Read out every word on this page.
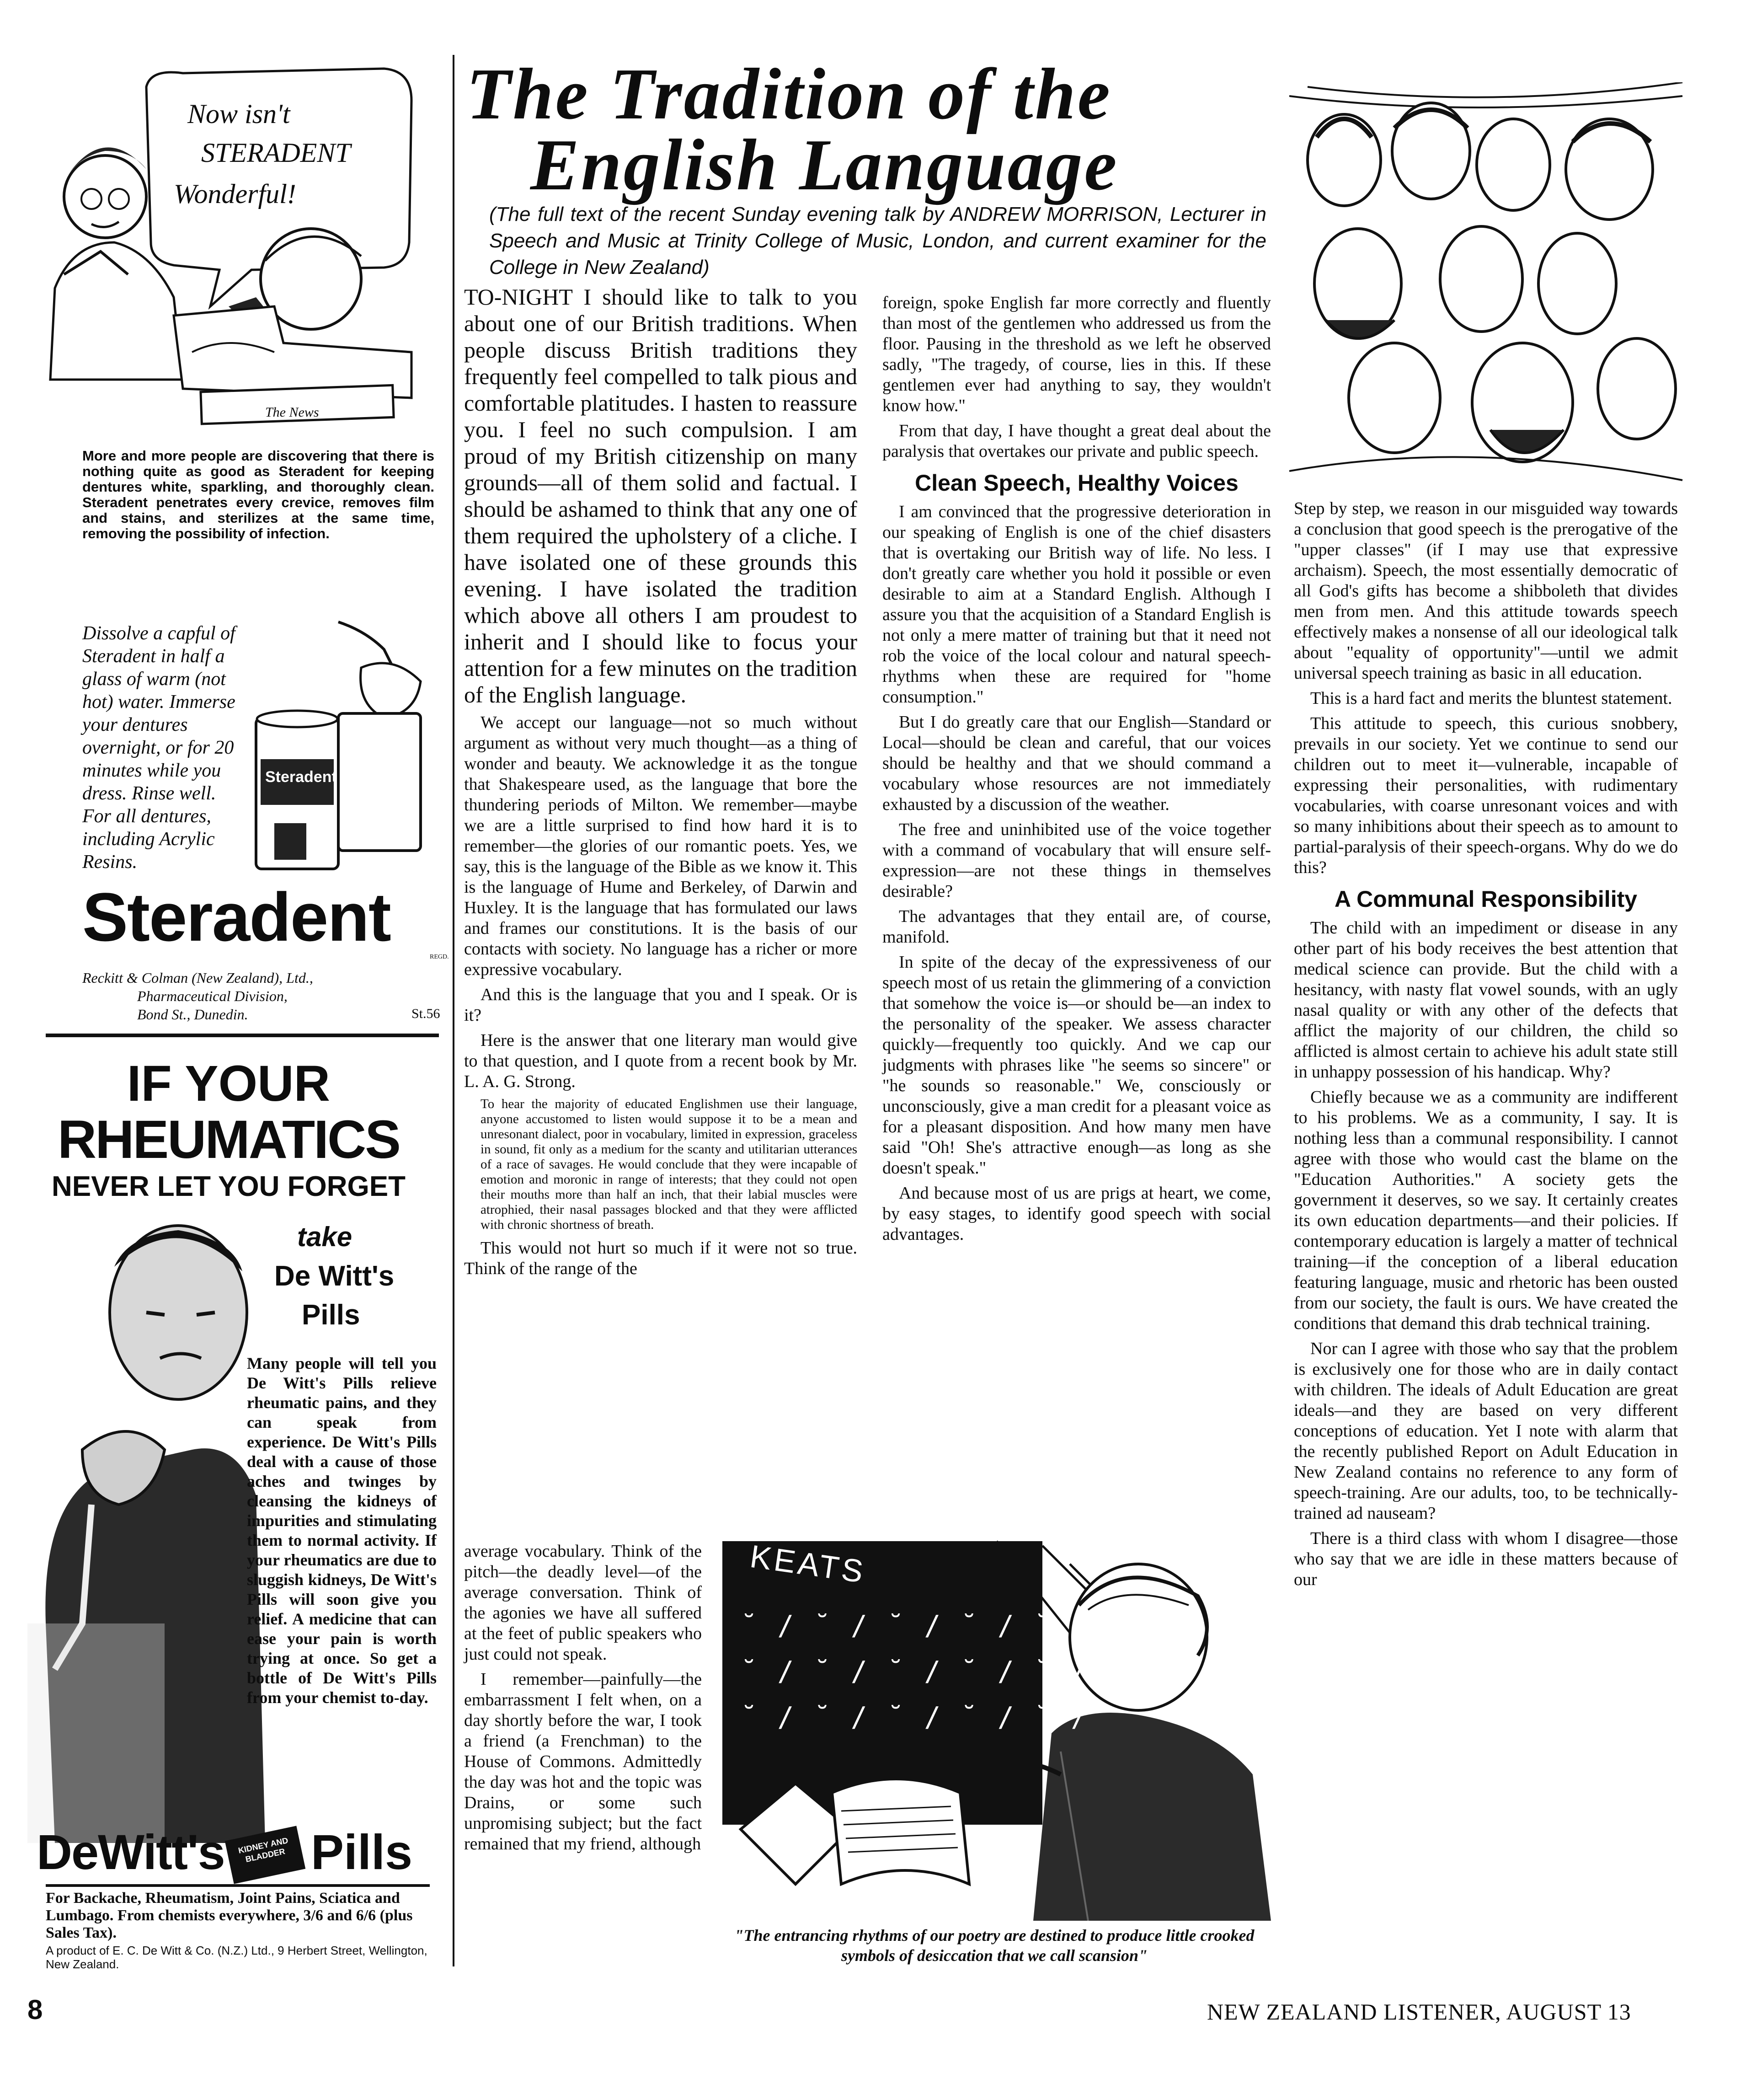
Now isn't
STERADENT
Wonderful!
The News
More and more people are discovering that there is nothing quite as good as Steradent for keeping dentures white, sparkling, and thoroughly clean. Steradent penetrates every crevice, removes film and stains, and sterilizes at the same time, removing the possibility of infection.
Dissolve a capful of Steradent in half a glass of warm (not hot) water. Immerse your dentures overnight, or for 20 minutes while you dress. Rinse well. For all dentures, including Acrylic Resins.
Steradent
Steradent
REGD.
Reckitt & Colman (New Zealand), Ltd.,
Pharmaceutical Division,
Bond St., Dunedin.	St.56
IF YOUR
RHEUMATICS
NEVER LET YOU FORGET
take
De Witt's
Pills
Many people will tell you De Witt's Pills relieve rheumatic pains, and they can speak from experience. De Witt's Pills deal with a cause of those aches and twinges by cleansing the kidneys of impurities and stimulating them to normal activity. If your rheumatics are due to sluggish kidneys, De Witt's Pills will soon give you relief. A medicine that can ease your pain is worth trying at once. So get a bottle of De Witt's Pills from your chemist to-day.
DeWitt's	KIDNEY AND BLADDER Pills
For Backache, Rheumatism, Joint Pains, Sciatica and Lumbago. From chemists everywhere, 3/6 and 6/6 (plus Sales Tax).
A product of E. C. De Witt & Co. (N.Z.) Ltd., 9 Herbert Street, Wellington, New Zealand.
The Tradition of the
English Language
(The full text of the recent Sunday evening talk by ANDREW MORRISON, Lecturer in Speech and Music at Trinity College of Music, London, and current examiner for the College in New Zealand)

TO-NIGHT I should like to talk to you about one of our British traditions. When people discuss British traditions they frequently feel compelled to talk pious and comfortable platitudes. I hasten to reassure you. I feel no such compulsion. I am proud of my British citizenship on many grounds—all of them solid and factual. I should be ashamed to think that any one of them required the upholstery of a cliche. I have isolated one of these grounds this evening. I have isolated the tradition which above all others I am proudest to inherit and I should like to focus your attention for a few minutes on the tradition of the English language.

We accept our language—not so much without argument as without very much thought—as a thing of wonder and beauty. We acknowledge it as the tongue that Shakespeare used, as the language that bore the thundering periods of Milton. We remember—maybe we are a little surprised to find how hard it is to remember—the glories of our romantic poets. Yes, we say, this is the language of the Bible as we know it. This is the language of Hume and Berkeley, of Darwin and Huxley. It is the language that has formulated our laws and frames our constitutions. It is the basis of our contacts with society. No language has a richer or more expressive vocabulary.

And this is the language that you and I speak. Or is it?

Here is the answer that one literary man would give to that question, and I quote from a recent book by Mr. L. A. G. Strong.

To hear the majority of educated Englishmen use their language, anyone accustomed to listen would suppose it to be a mean and unresonant dialect, poor in vocabulary, limited in expression, graceless in sound, fit only as a medium for the scanty and utilitarian utterances of a race of savages. He would conclude that they were incapable of emotion and moronic in range of interests; that they could not open their mouths more than half an inch, that their labial muscles were atrophied, their nasal passages blocked and that they were afflicted with chronic shortness of breath.

This would not hurt so much if it were not so true. Think of the range of the

average vocabulary. Think of the pitch—the deadly level—of the average conversation. Think of the agonies we have all suffered at the feet of public speakers who just could not speak.

I remember—painfully—the embarrassment I felt when, on a day shortly before the war, I took a friend (a Frenchman) to the House of Commons. Admittedly the day was hot and the topic was Drains, or some such unpromising subject; but the fact remained that my friend, although

foreign, spoke English far more correctly and fluently than most of the gentlemen who addressed us from the floor. Pausing in the threshold as we left he observed sadly, "The tragedy, of course, lies in this. If these gentlemen ever had anything to say, they wouldn't know how."

From that day, I have thought a great deal about the paralysis that overtakes our private and public speech.

Clean Speech, Healthy Voices

I am convinced that the progressive deterioration in our speaking of English is one of the chief disasters that is overtaking our British way of life. No less. I don't greatly care whether you hold it possible or even desirable to aim at a Standard English. Although I assure you that the acquisition of a Standard English is not only a mere matter of training but that it need not rob the voice of the local colour and natural speech-rhythms when these are required for "home consumption."

But I do greatly care that our English—Standard or Local—should be clean and careful, that our voices should be healthy and that we should command a vocabulary whose resources are not immediately exhausted by a discussion of the weather.

The free and uninhibited use of the voice together with a command of vocabulary that will ensure self-expression—are not these things in themselves desirable?

The advantages that they entail are, of course, manifold.

In spite of the decay of the expressiveness of our speech most of us retain the glimmering of a conviction that somehow the voice is—or should be—an index to the personality of the speaker. We assess character quickly—frequently too quickly. And we cap our judgments with phrases like "he seems so sincere" or "he sounds so reasonable." We, consciously or unconsciously, give a man credit for a pleasant voice as for a pleasant disposition. And how many men have said "Oh! She's attractive enough—as long as she doesn't speak."

And because most of us are prigs at heart, we come, by easy stages, to identify good speech with social advantages.

Step by step, we reason in our misguided way towards a conclusion that good speech is the prerogative of the "upper classes" (if I may use that expressive archaism). Speech, the most essentially democratic of all God's gifts has become a shibboleth that divides men from men. And this attitude towards speech effectively makes a nonsense of all our ideological talk about "equality of opportunity"—until we admit universal speech training as basic in all education.

This is a hard fact and merits the bluntest statement.

This attitude to speech, this curious snobbery, prevails in our society. Yet we continue to send our children out to meet it—vulnerable, incapable of expressing their personalities, with rudimentary vocabularies, with coarse unresonant voices and with so many inhibitions about their speech as to amount to partial-paralysis of their speech-organs. Why do we do this?

A Communal Responsibility

The child with an impediment or disease in any other part of his body receives the best attention that medical science can provide. But the child with a hesitancy, with nasty flat vowel sounds, with an ugly nasal quality or with any other of the defects that afflict the majority of our children, the child so afflicted is almost certain to achieve his adult state still in unhappy possession of his handicap. Why?

Chiefly because we as a community are indifferent to his problems. We as a community, I say. It is nothing less than a communal responsibility. I cannot agree with those who would cast the blame on the "Education Authorities." A society gets the government it deserves, so we say. It certainly creates its own education departments—and their policies. If contemporary education is largely a matter of technical training—if the conception of a liberal education featuring language, music and rhetoric has been ousted from our society, the fault is ours. We have created the conditions that demand this drab technical training.

Nor can I agree with those who say that the problem is exclusively one for those who are in daily contact with children. The ideals of Adult Education are great ideals—and they are based on very different conceptions of education. Yet I note with alarm that the recently published Report on Adult Education in New Zealand contains no reference to any form of speech-training. Are our adults, too, to be technically-trained ad nauseam?

There is a third class with whom I disagree—those who say that we are idle in these matters because of our

KEATS
˘ / ˘ / ˘ / ˘ / ˘ /
˘ / ˘ / ˘ / ˘ / ˘ /
˘ / ˘ / ˘ / ˘ / ˘ /
"The entrancing rhythms of our poetry are destined to produce little crooked symbols of desiccation that we call scansion"
8	NEW ZEALAND LISTENER, AUGUST 13
